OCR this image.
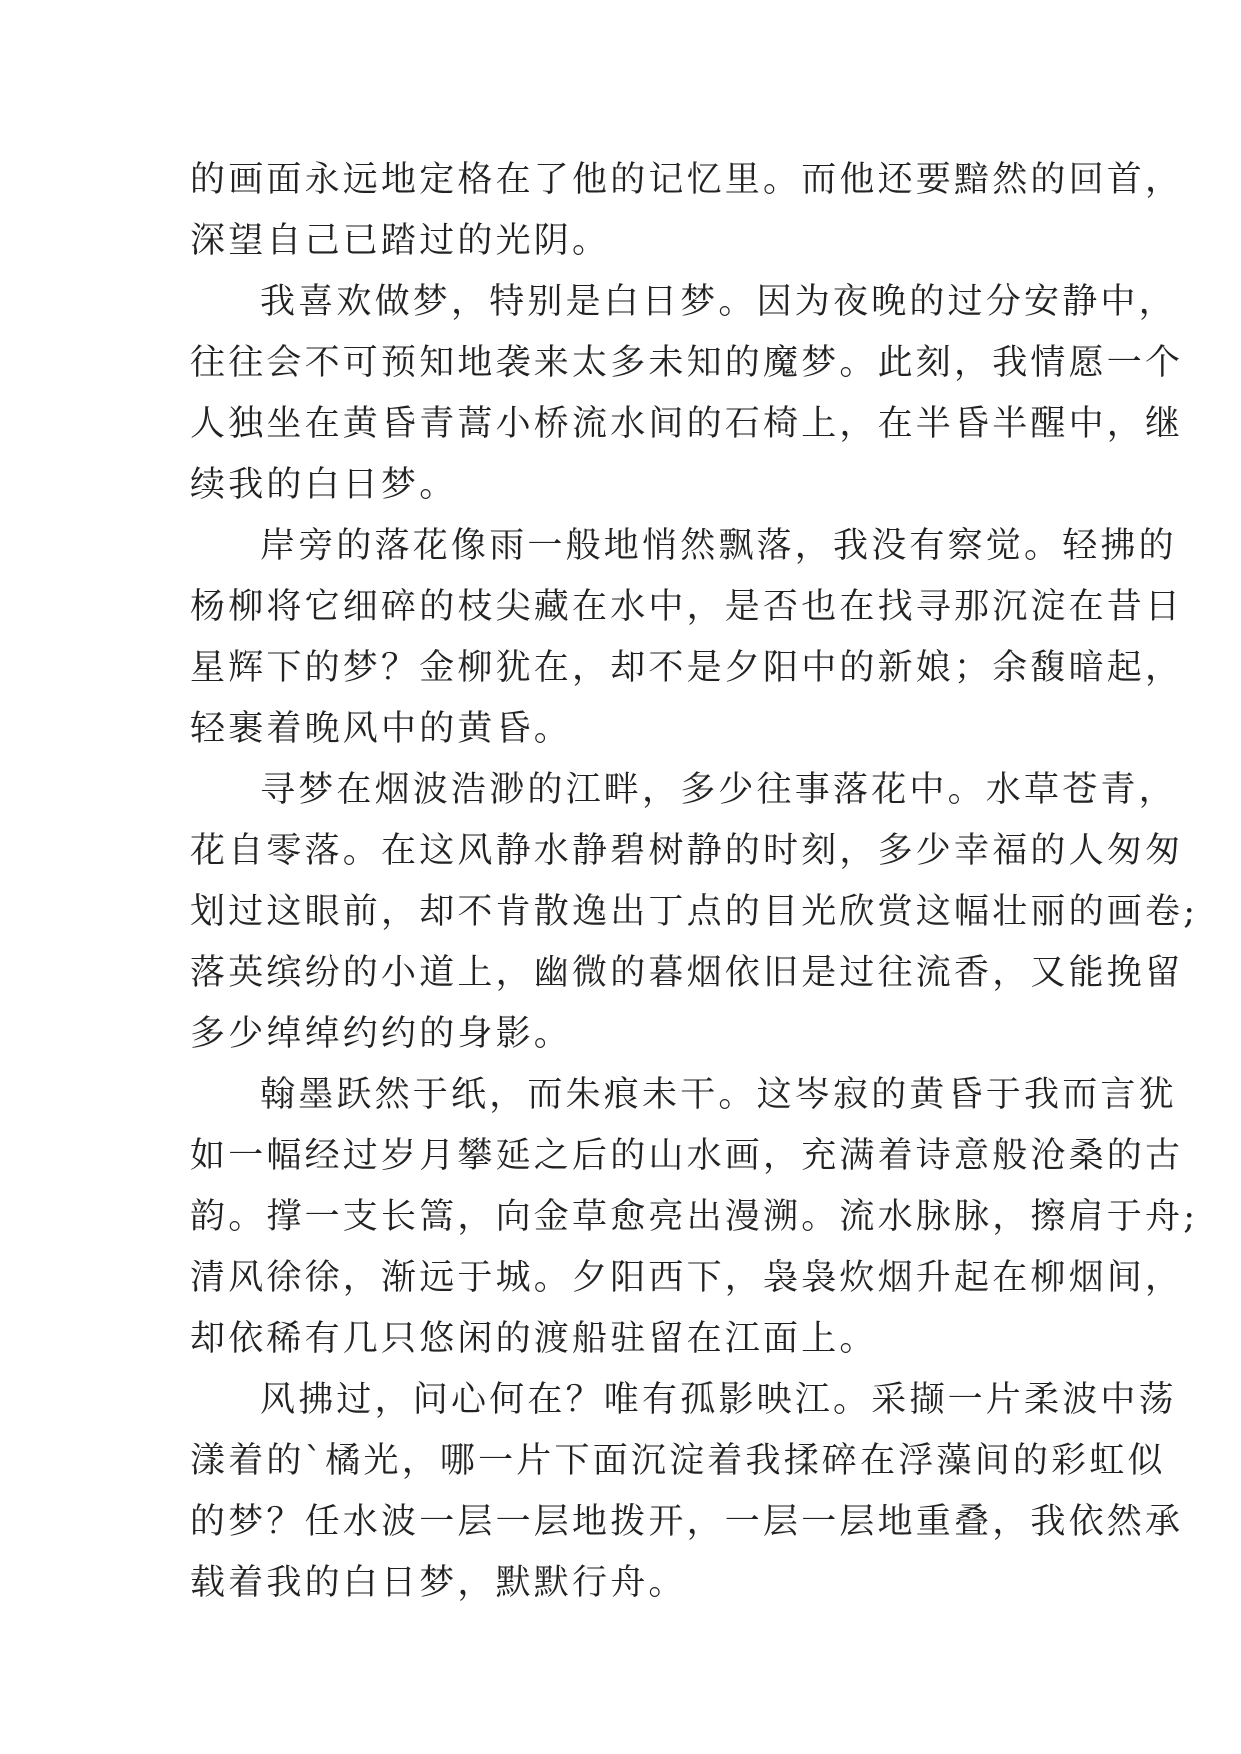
的画面永远地定格在了他的记忆里。而他还要黯然的回首，
深望自己已踏过的光阴。
我喜欢做梦，特别是白日梦。因为夜晚的过分安静中，
往往会不可预知地袭来太多未知的魔梦。此刻，我情愿一个
人独坐在黄昏青蒿小桥流水间的石椅上，在半昏半醒中，继
续我的白日梦。
岸旁的落花像雨一般地悄然飘落，我没有察觉。轻拂的
杨柳将它细碎的枝尖藏在水中，是否也在找寻那沉淀在昔日
星辉下的梦？金柳犹在，却不是夕阳中的新娘；余馥暗起，
轻裹着晚风中的黄昏。
寻梦在烟波浩渺的江畔，多少往事落花中。水草苍青，
花自零落。在这风静水静碧树静的时刻，多少幸福的人匆匆
划过这眼前，却不肯散逸出丁点的目光欣赏这幅壮丽的画卷;
落英缤纷的小道上，幽微的暮烟依旧是过往流香，又能挽留
多少绰绰约约的身影。
翰墨跃然于纸，而朱痕未干。这岑寂的黄昏于我而言犹
如一幅经过岁月攀延之后的山水画，充满着诗意般沧桑的古
韵。撑一支长篙，向金草愈亮出漫溯。流水脉脉，擦肩于舟;
清风徐徐，渐远于城。夕阳西下，袅袅炊烟升起在柳烟间，
却依稀有几只悠闲的渡船驻留在江面上。
风拂过，问心何在？唯有孤影映江。采撷一片柔波中荡
漾着的`橘光，哪一片下面沉淀着我揉碎在浮藻间的彩虹似
的梦？任水波一层一层地拨开，一层一层地重叠，我依然承
载着我的白日梦，默默行舟。
